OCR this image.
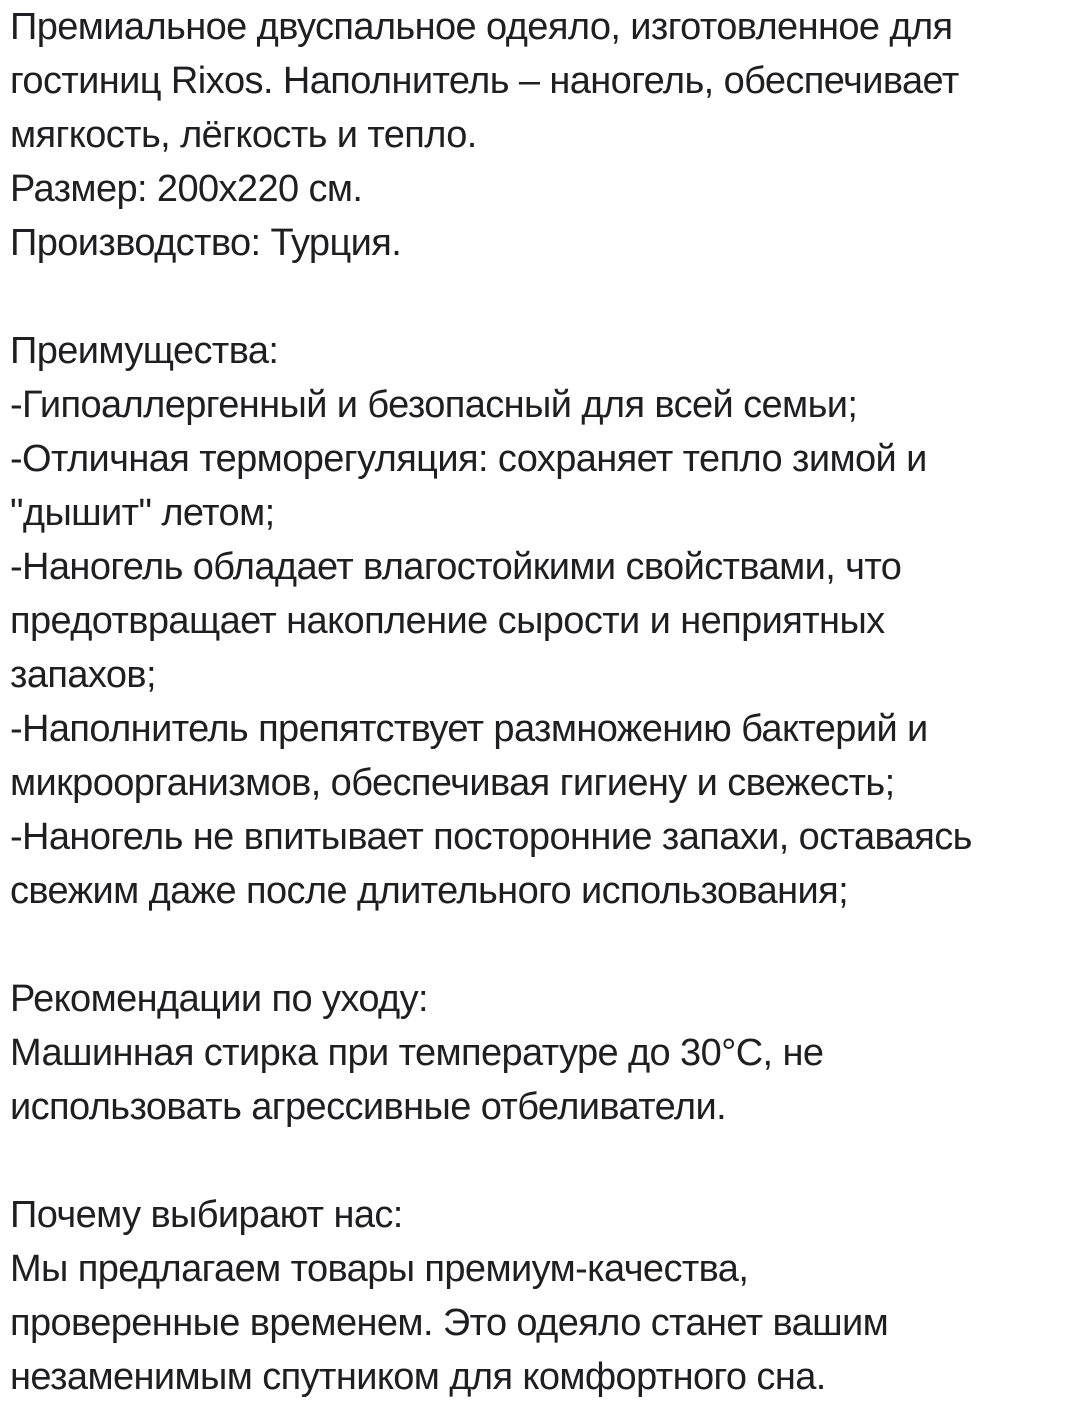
Премиальное двуспальное одеяло, изготовленное для
гостиниц Rixos. Наполнитель – наногель, обеспечивает
мягкость, лёгкость и тепло.
Размер: 200х220 см.
Производство: Турция.
Преимущества:
-Гипоаллергенный и безопасный для всей семьи;
-Отличная терморегуляция: сохраняет тепло зимой и
"дышит" летом;
-Наногель обладает влагостойкими свойствами, что
предотвращает накопление сырости и неприятных
запахов;
-Наполнитель препятствует размножению бактерий и
микроорганизмов, обеспечивая гигиену и свежесть;
-Наногель не впитывает посторонние запахи, оставаясь
свежим даже после длительного использования;
Рекомендации по уходу:
Машинная стирка при температуре до 30°C, не
использовать агрессивные отбеливатели.
Почему выбирают нас:
Мы предлагаем товары премиум-качества,
проверенные временем. Это одеяло станет вашим
незаменимым спутником для комфортного сна.
